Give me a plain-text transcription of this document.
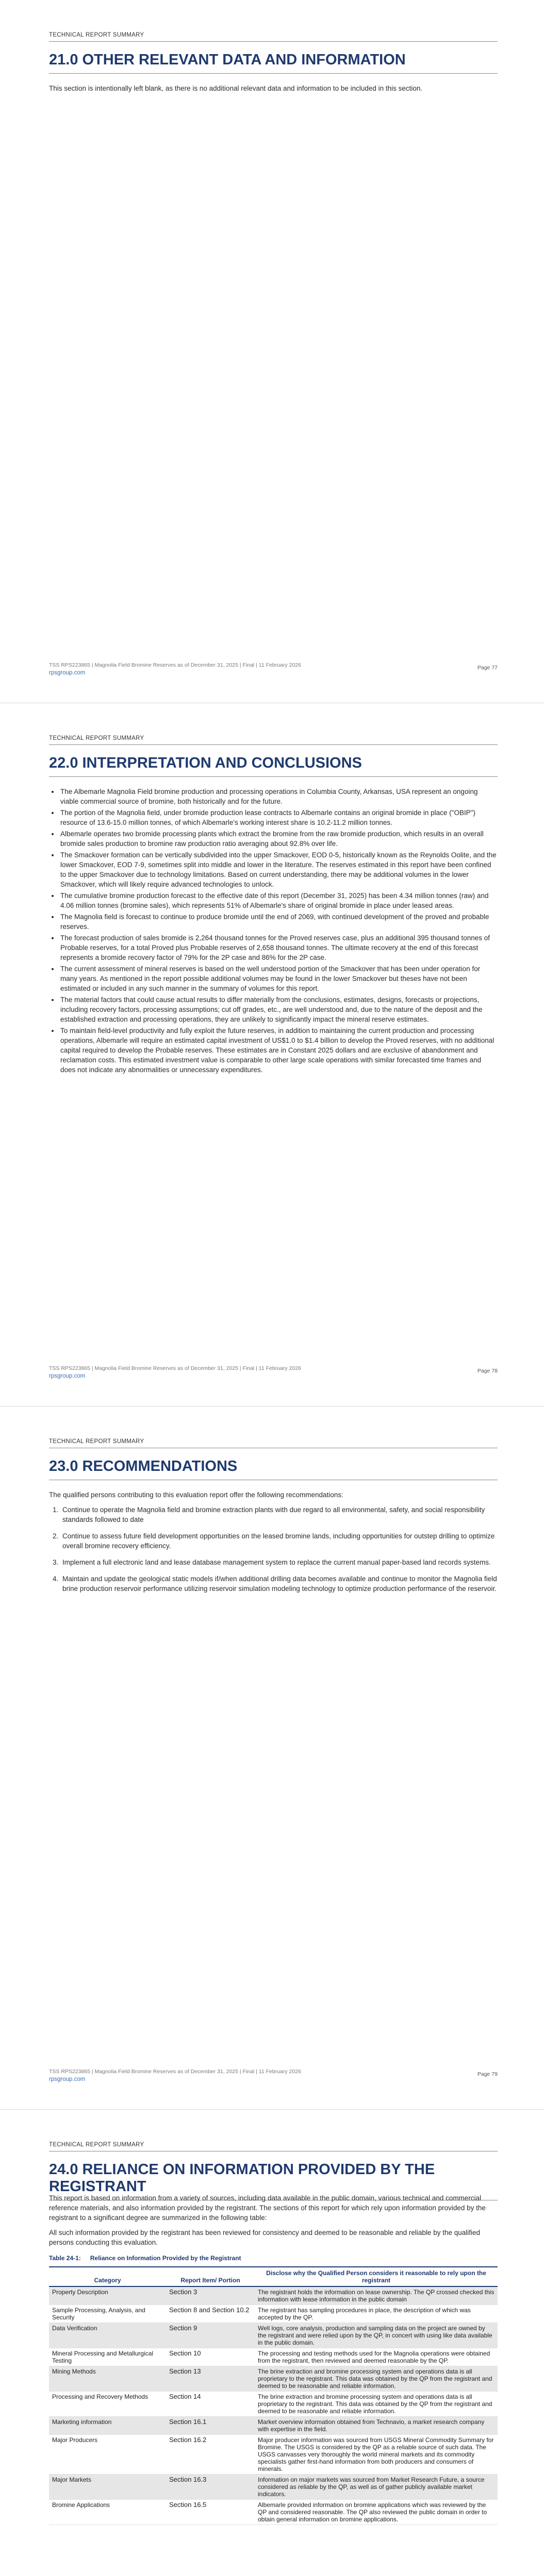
TECHNICAL REPORT SUMMARY
21.0 OTHER RELEVANT DATA AND INFORMATION

This section is intentionally left blank, as there is no additional relevant data and information to be included in this section.

TSS RPS223865 | Magnolia Field Bromine Reserves as of December 31, 2025 | Final | 11 February 2026
rpsgroup.com
Page 77
TECHNICAL REPORT SUMMARY
22.0 INTERPRETATION AND CONCLUSIONS
• The Albemarle Magnolia Field bromine production and processing operations in Columbia County, Arkansas, USA represent an ongoing viable commercial source of bromine, both historically and for the future.
• The portion of the Magnolia field, under bromide production lease contracts to Albemarle contains an original bromide in place ("OBIP") resource of 13.6-15.0 million tonnes, of which Albemarle's working interest share is 10.2-11.2 million tonnes.
• Albemarle operates two bromide processing plants which extract the bromine from the raw bromide production, which results in an overall bromide sales production to bromine raw production ratio averaging about 92.8% over life.
• The Smackover formation can be vertically subdivided into the upper Smackover, EOD 0-5, historically known as the Reynolds Oolite, and the lower Smackover, EOD 7-9, sometimes split into middle and lower in the literature. The reserves estimated in this report have been confined to the upper Smackover due to technology limitations. Based on current understanding, there may be additional volumes in the lower Smackover, which will likely require advanced technologies to unlock.
• The cumulative bromine production forecast to the effective date of this report (December 31, 2025) has been 4.34 million tonnes (raw) and 4.06 million tonnes (bromine sales), which represents 51% of Albemarle's share of original bromide in place under leased areas.
• The Magnolia field is forecast to continue to produce bromide until the end of 2069, with continued development of the proved and probable reserves.
• The forecast production of sales bromide is 2,264 thousand tonnes for the Proved reserves case, plus an additional 395 thousand tonnes of Probable reserves, for a total Proved plus Probable reserves of 2,658 thousand tonnes. The ultimate recovery at the end of this forecast represents a bromide recovery factor of 79% for the 2P case and 86% for the 2P case.
• The current assessment of mineral reserves is based on the well understood portion of the Smackover that has been under operation for many years. As mentioned in the report possible additional volumes may be found in the lower Smackover but theses have not been estimated or included in any such manner in the summary of volumes for this report.
• The material factors that could cause actual results to differ materially from the conclusions, estimates, designs, forecasts or projections, including recovery factors, processing assumptions; cut off grades, etc., are well understood and, due to the nature of the deposit and the established extraction and processing operations, they are unlikely to significantly impact the mineral reserve estimates.
• To maintain field-level productivity and fully exploit the future reserves, in addition to maintaining the current production and processing operations, Albemarle will require an estimated capital investment of US$1.0 to $1.4 billion to develop the Proved reserves, with no additional capital required to develop the Probable reserves. These estimates are in Constant 2025 dollars and are exclusive of abandonment and reclamation costs. This estimated investment value is comparable to other large scale operations with similar forecasted time frames and does not indicate any abnormalities or unnecessary expenditures.
TSS RPS223865 | Magnolia Field Bromine Reserves as of December 31, 2025 | Final | 11 February 2026
rpsgroup.com
Page 78
TECHNICAL REPORT SUMMARY
23.0 RECOMMENDATIONS

The qualified persons contributing to this evaluation report offer the following recommendations:

1. Continue to operate the Magnolia field and bromine extraction plants with due regard to all environmental, safety, and social responsibility standards followed to date
2. Continue to assess future field development opportunities on the leased bromine lands, including opportunities for outstep drilling to optimize overall bromine recovery efficiency.
3. Implement a full electronic land and lease database management system to replace the current manual paper-based land records systems.
4. Maintain and update the geological static models if/when additional drilling data becomes available and continue to monitor the Magnolia field brine production reservoir performance utilizing reservoir simulation modeling technology to optimize production performance of the reservoir.
TSS RPS223865 | Magnolia Field Bromine Reserves as of December 31, 2025 | Final | 11 February 2026
rpsgroup.com
Page 79
TECHNICAL REPORT SUMMARY
24.0 RELIANCE ON INFORMATION PROVIDED BY THE REGISTRANT

This report is based on information from a variety of sources, including data available in the public domain, various technical and commercial reference materials, and also information provided by the registrant. The sections of this report for which rely upon information provided by the registrant to a significant degree are summarized in the following table:

All such information provided by the registrant has been reviewed for consistency and deemed to be reasonable and reliable by the qualified persons conducting this evaluation.

Table 24-1: Reliance on Information Provided by the Registrant
Category	Report Item/ Portion	Disclose why the Qualified Person considers it reasonable to rely upon the registrant
Property Description	Section 3	The registrant holds the information on lease ownership. The QP crossed checked this information with lease information in the public domain
Sample Processing, Analysis, and Security	Section 8 and Section 10.2	The registrant has sampling procedures in place, the description of which was accepted by the QP.
Data Verification	Section 9	Well logs, core analysis, production and sampling data on the project are owned by the registrant and were relied upon by the QP, in concert with using like data available in the public domain.
Mineral Processing and Metallurgical Testing	Section 10	The processing and testing methods used for the Magnolia operations were obtained from the registrant, then reviewed and deemed reasonable by the QP.
Mining Methods	Section 13	The brine extraction and bromine processing system and operations data is all proprietary to the registrant. This data was obtained by the QP from the registrant and deemed to be reasonable and reliable information.
Processing and Recovery Methods	Section 14	The brine extraction and bromine processing system and operations data is all proprietary to the registrant. This data was obtained by the QP from the registrant and deemed to be reasonable and reliable information.
Marketing information	Section 16.1	Market overview information obtained from Technavio, a market research company with expertise in the field.
Major Producers	Section 16.2	Major producer information was sourced from USGS Mineral Commodity Summary for Bromine. The USGS is considered by the QP as a reliable source of such data. The USGS canvasses very thoroughly the world mineral markets and its commodity specialists gather first-hand information from both producers and consumers of minerals.
Major Markets	Section 16.3	Information on major markets was sourced from Market Research Future, a source considered as reliable by the QP, as well as of gather publicly available market indicators.
Bromine Applications	Section 16.5	Albemarle provided information on bromine applications which was reviewed by the QP and considered reasonable. The QP also reviewed the public domain in order to obtain general information on bromine applications.
